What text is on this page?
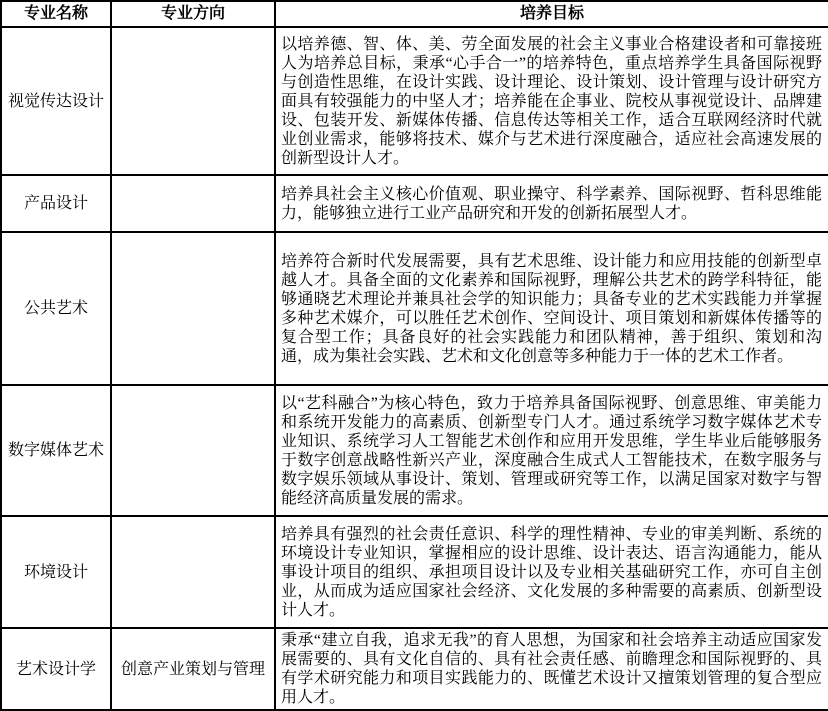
专业名称	专业方向	培养目标
视觉传达设计		以培养德、智、体、美、劳全面发展的社会主义事业合格建设者和可靠接班人为培养总目标，秉承“心手合一”的培养特色，重点培养学生具备国际视野与创造性思维，在设计实践、设计理论、设计策划、设计管理与设计研究方面具有较强能力的中坚人才；培养能在企事业、院校从事视觉设计、品牌建设、包装开发、新媒体传播、信息传达等相关工作，适合互联网经济时代就业创业需求，能够将技术、媒介与艺术进行深度融合，适应社会高速发展的创新型设计人才。
产品设计		培养具社会主义核心价值观、职业操守、科学素养、国际视野、哲科思维能力，能够独立进行工业产品研究和开发的创新拓展型人才。
公共艺术		培养符合新时代发展需要，具有艺术思维、设计能力和应用技能的创新型卓越人才。具备全面的文化素养和国际视野，理解公共艺术的跨学科特征，能够通晓艺术理论并兼具社会学的知识能力；具备专业的艺术实践能力并掌握多种艺术媒介，可以胜任艺术创作、空间设计、项目策划和新媒体传播等的复合型工作；具备良好的社会实践能力和团队精神，善于组织、策划和沟通，成为集社会实践、艺术和文化创意等多种能力于一体的艺术工作者。
数字媒体艺术		以“艺科融合”为核心特色，致力于培养具备国际视野、创意思维、审美能力和系统开发能力的高素质、创新型专门人才。通过系统学习数字媒体艺术专业知识、系统学习人工智能艺术创作和应用开发思维，学生毕业后能够服务于数字创意战略性新兴产业，深度融合生成式人工智能技术，在数字服务与数字娱乐领域从事设计、策划、管理或研究等工作，以满足国家对数字与智能经济高质量发展的需求。
环境设计		培养具有强烈的社会责任意识、科学的理性精神、专业的审美判断、系统的环境设计专业知识，掌握相应的设计思维、设计表达、语言沟通能力，能从事设计项目的组织、承担项目设计以及专业相关基础研究工作，亦可自主创业，从而成为适应国家社会经济、文化发展的多种需要的高素质、创新型设计人才。
艺术设计学	创意产业策划与管理	秉承“建立自我，追求无我”的育人思想，为国家和社会培养主动适应国家发展需要的、具有文化自信的、具有社会责任感、前瞻理念和国际视野的、具有学术研究能力和项目实践能力的、既懂艺术设计又擅策划管理的复合型应用人才。
